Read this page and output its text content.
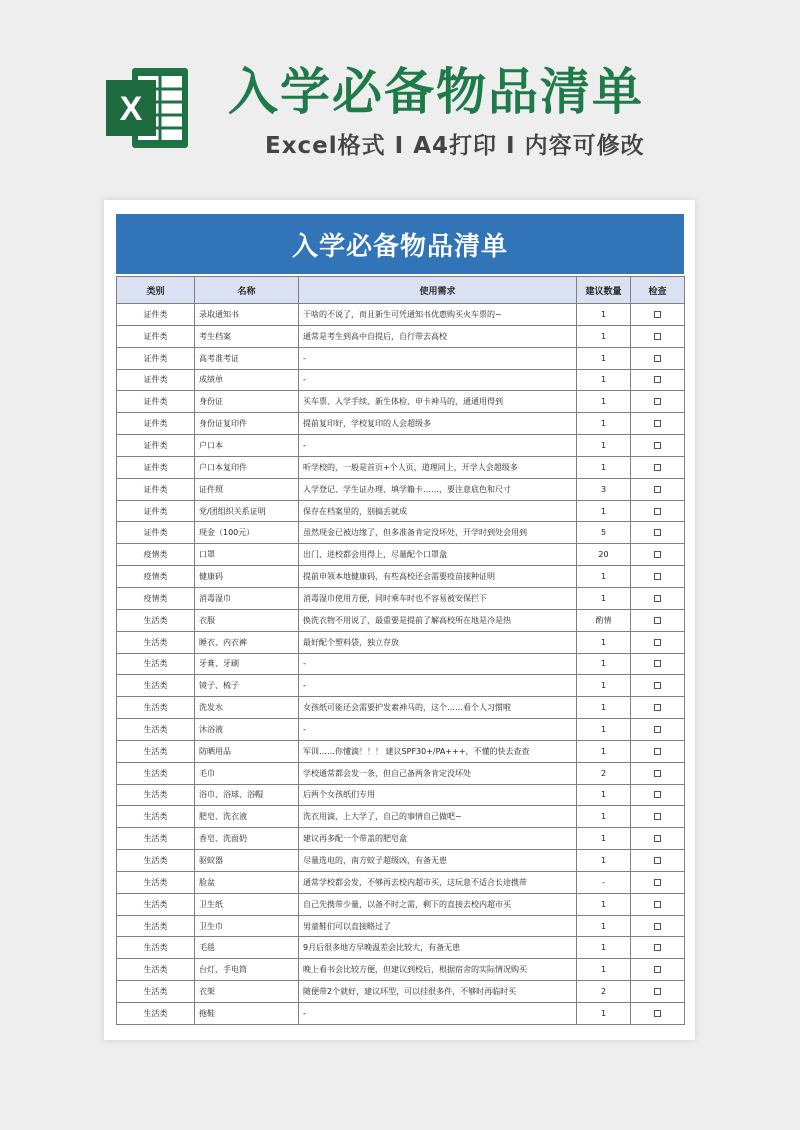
X 入学必备物品清单
Excel格式 I A4打印 I 内容可修改
入学必备物品清单
类别	名称	使用需求	建议数量	检查
证件类	录取通知书	干啥的不说了，而且新生可凭通知书优惠购买火车票的~	1	
证件类	考生档案	通常是考生到高中自提后，自行带去高校	1	
证件类	高考准考证	-	1	
证件类	成绩单	-	1	
证件类	身份证	买车票、入学手续、新生体检、申卡神马的，通通用得到	1	
证件类	身份证复印件	提前复印好，学校复印的人会超级多	1	
证件类	户口本	-	1	
证件类	户口本复印件	听学校的，一般是首页+个人页，道理同上，开学人会超级多	1	
证件类	证件照	入学登记、学生证办理、填学籍卡……，要注意底色和尺寸	3	
证件类	党/团组织关系证明	保存在档案里的，别搞丢就成	1	
证件类	现金（100元）	虽然现金已被边缘了，但多准备肯定没坏处，开学时到处会用到	5	
疫情类	口罩	出门、进校都会用得上，尽量配个口罩盒	20	
疫情类	健康码	提前申领本地健康码，有些高校还会需要疫苗接种证明	1	
疫情类	消毒湿巾	消毒湿巾使用方便，同时乘车时也不容易被安保拦下	1	
生活类	衣服	换洗衣物不用说了，最重要是提前了解高校所在地是冷是热	酌情	
生活类	睡衣、内衣裤	最好配个塑料袋，独立存放	1	
生活类	牙膏、牙刷	-	1	
生活类	镜子、梳子	-	1	
生活类	洗发水	女孩纸可能还会需要护发素神马的，这个……看个人习惯啦	1	
生活类	沐浴液	-	1	
生活类	防晒用品	军训……你懂滴！！！ 建议SPF30+/PA+++，不懂的快去查查	1	
生活类	毛巾	学校通常都会发一条，但自己备两条肯定没坏处	2	
生活类	浴巾、浴球、浴帽	后两个女孩纸们专用	1	
生活类	肥皂、洗衣液	洗衣用滴，上大学了，自己的事情自己做吧~	1	
生活类	香皂、洗面奶	建议再多配一个带盖的肥皂盒	1	
生活类	驱蚊器	尽量选电的，南方蚊子超级凶，有备无患	1	
生活类	脸盆	通常学校都会发，不够再去校内超市买，这玩意不适合长途携带	-	
生活类	卫生纸	自己先携带少量，以备不时之需，剩下的直接去校内超市买	1	
生活类	卫生巾	男童鞋们可以直接略过了	1	
生活类	毛毯	9月后很多地方早晚温差会比较大，有备无患	1	
生活类	台灯、手电筒	晚上看书会比较方便，但建议到校后，根据宿舍的实际情况购买	1	
生活类	衣架	随便带2个就好，建议环型，可以挂很多件，不够时再临时买	2	
生活类	拖鞋	-	1	
